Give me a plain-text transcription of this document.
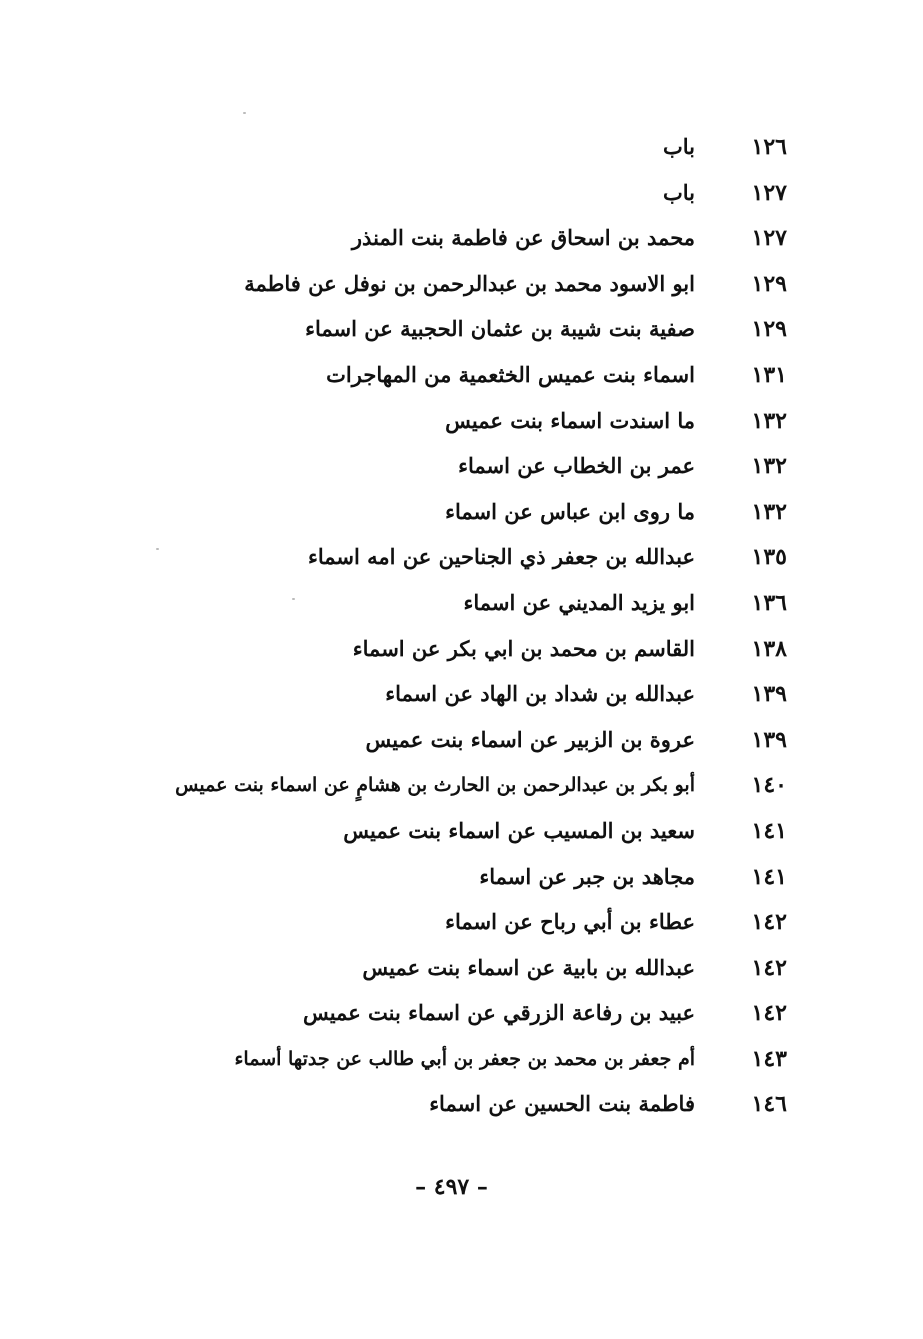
١٢٦
باب
١٢٧
باب
١٢٧
محمد بن اسحاق عن فاطمة بنت المنذر
١٢٩
ابو الاسود محمد بن عبدالرحمن بن نوفل عن فاطمة
١٢٩
صفية بنت شيبة بن عثمان الحجبية عن اسماء
١٣١
اسماء بنت عميس الخثعمية من المهاجرات
١٣٢
ما اسندت اسماء بنت عميس
١٣٢
عمر بن الخطاب عن اسماء
١٣٢
ما روى ابن عباس عن اسماء
١٣٥
عبدالله بن جعفر ذي الجناحين عن امه اسماء
١٣٦
ابو يزيد المديني عن اسماء
١٣٨
القاسم بن محمد بن ابي بكر عن اسماء
١٣٩
عبدالله بن شداد بن الهاد عن اسماء
١٣٩
عروة بن الزبير عن اسماء بنت عميس
١٤٠
أبو بكر بن عبدالرحمن بن الحارث بن هشامٍ عن اسماء بنت عميس
١٤١
سعيد بن المسيب عن اسماء بنت عميس
١٤١
مجاهد بن جبر عن اسماء
١٤٢
عطاء بن أبي رباح عن اسماء
١٤٢
عبدالله بن بابية عن اسماء بنت عميس
١٤٢
عبيد بن رفاعة الزرقي عن اسماء بنت عميس
١٤٣
أم جعفر بن محمد بن جعفر بن أبي طالب عن جدتها أسماء
١٤٦
فاطمة بنت الحسين عن اسماء
– ٤٩٧ –
